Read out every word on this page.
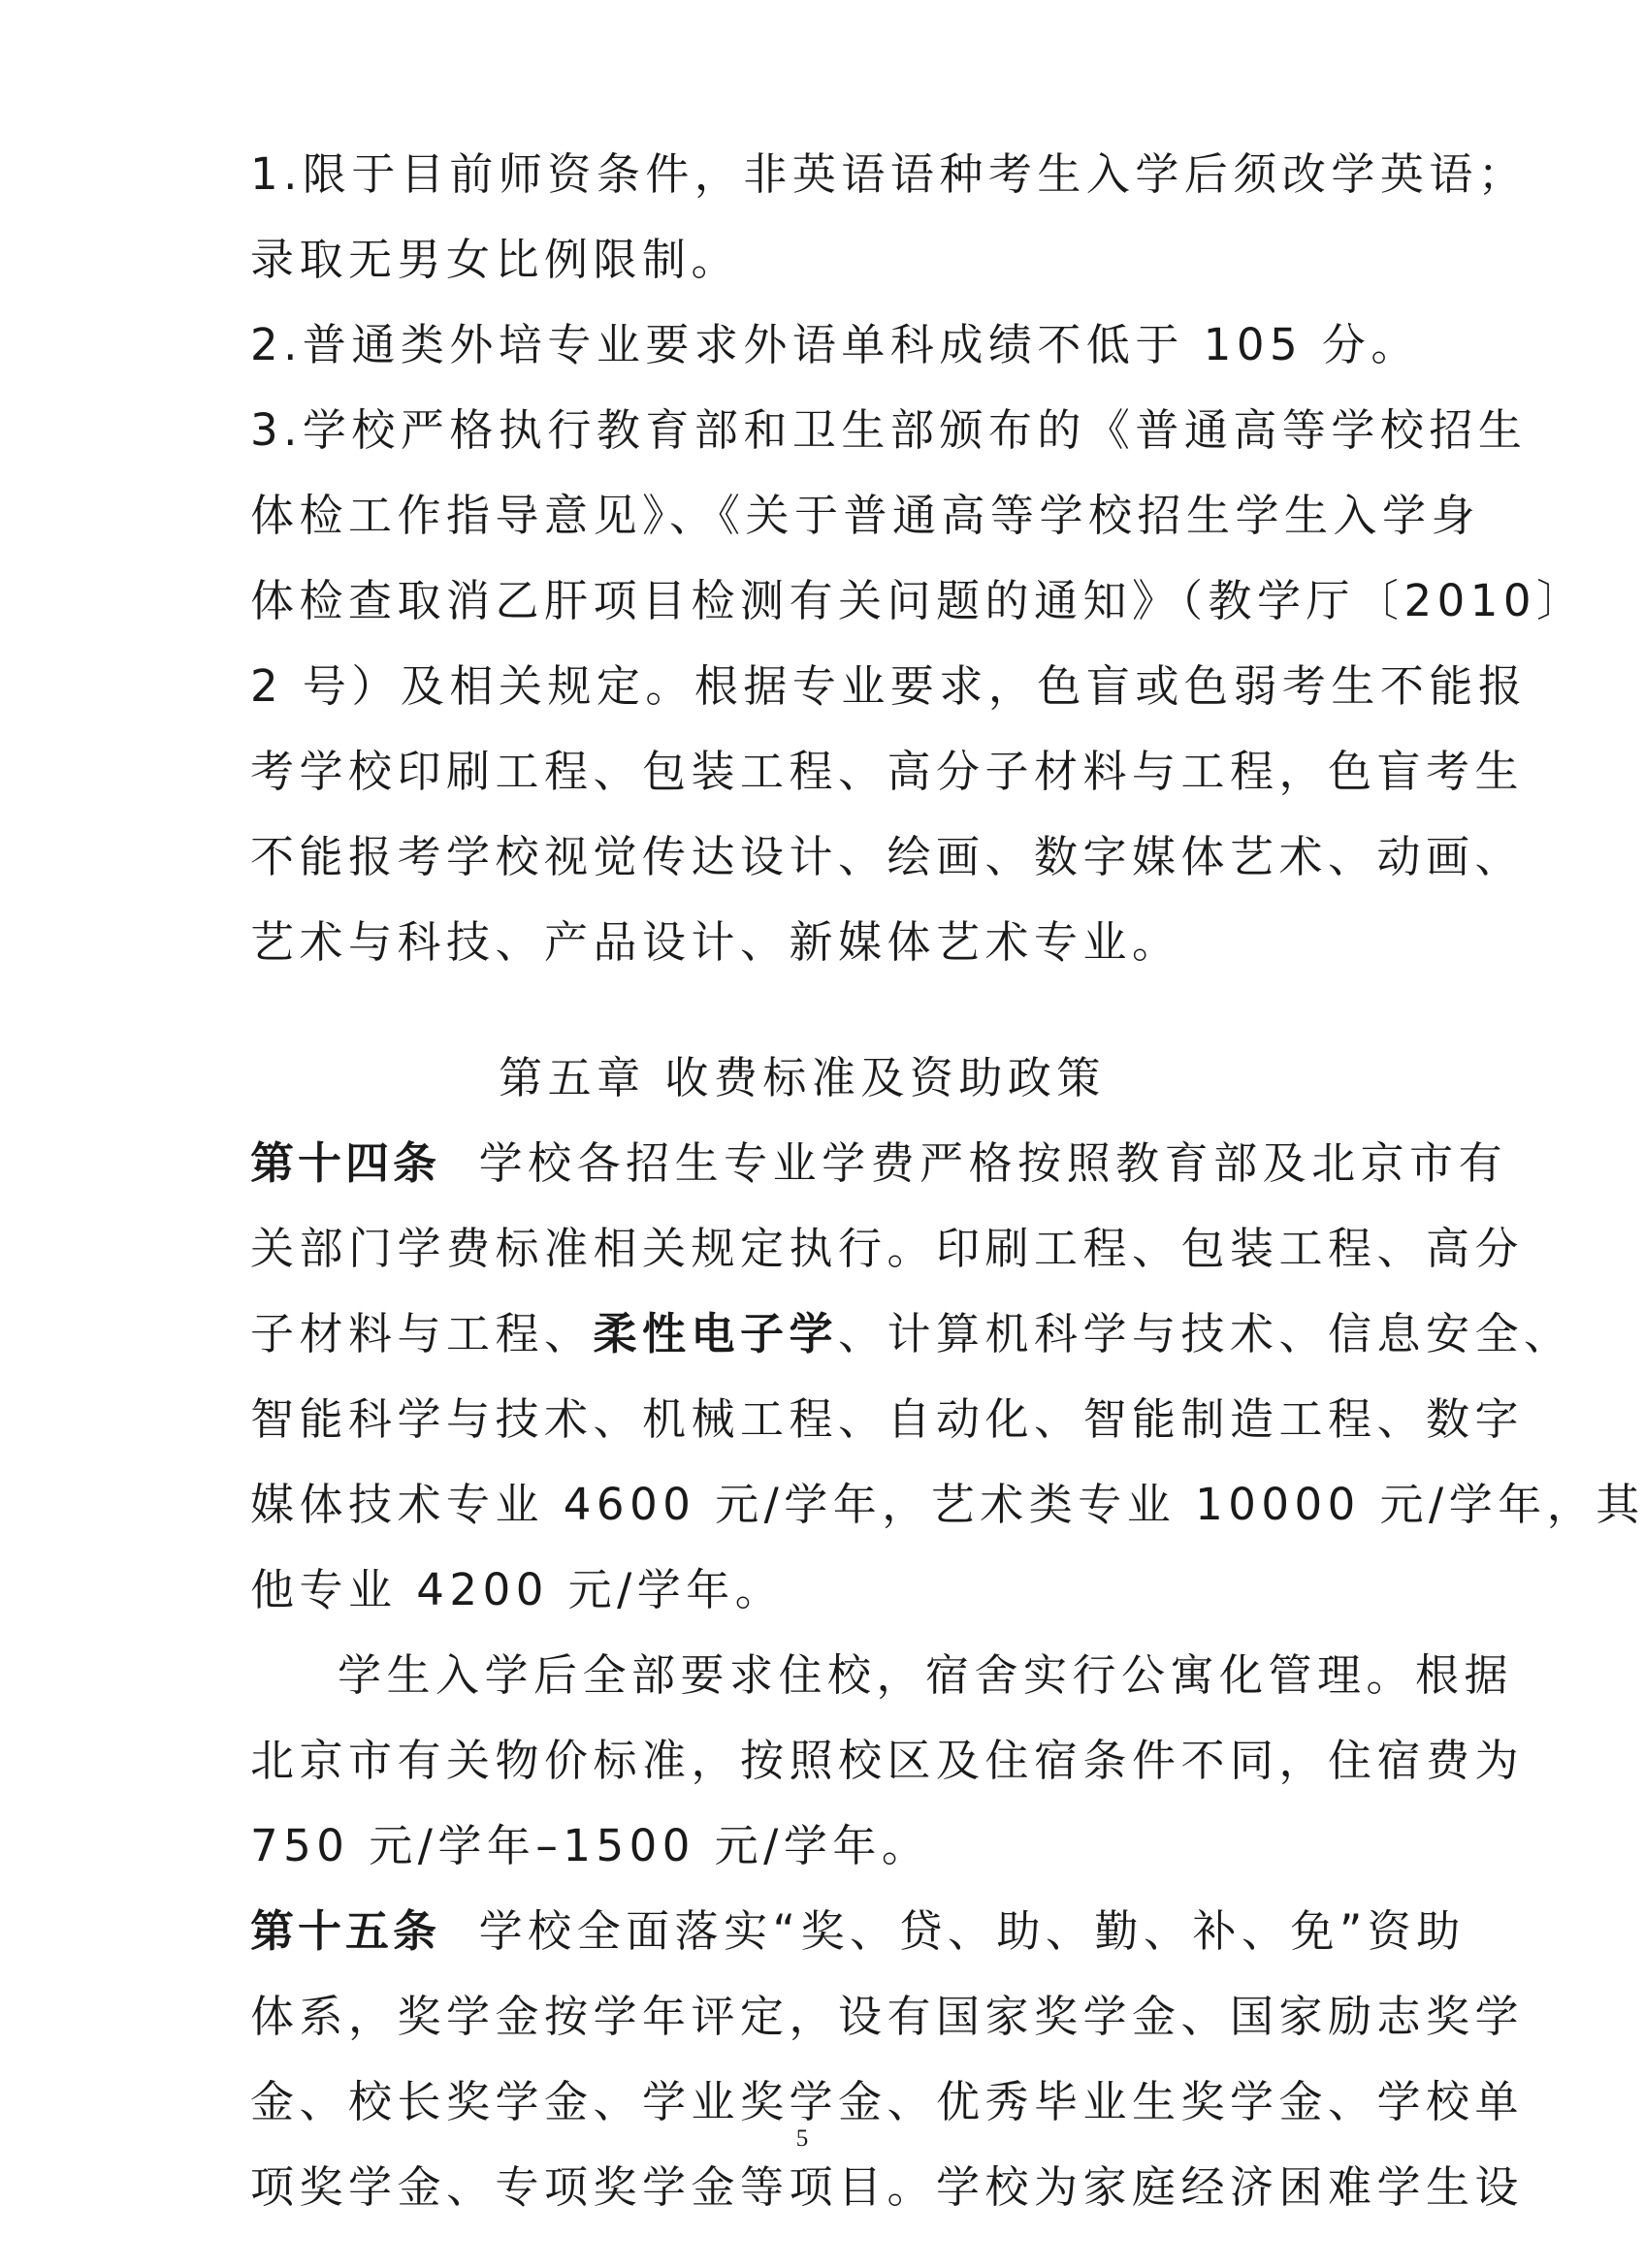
1.限于目前师资条件，非英语语种考生入学后须改学英语；
录取无男女比例限制。
2.普通类外培专业要求外语单科成绩不低于 105 分。
3.学校严格执行教育部和卫生部颁布的《普通高等学校招生
体检工作指导意见》、《关于普通高等学校招生学生入学身
体检查取消乙肝项目检测有关问题的通知》（教学厅〔2010〕
2 号）及相关规定。根据专业要求，色盲或色弱考生不能报
考学校印刷工程、包装工程、高分子材料与工程，色盲考生
不能报考学校视觉传达设计、绘画、数字媒体艺术、动画、
艺术与科技、产品设计、新媒体艺术专业。
第五章 收费标准及资助政策
第十四条 学校各招生专业学费严格按照教育部及北京市有
关部门学费标准相关规定执行。印刷工程、包装工程、高分
子材料与工程、柔性电子学、计算机科学与技术、信息安全、
智能科学与技术、机械工程、自动化、智能制造工程、数字
媒体技术专业 4600 元/学年，艺术类专业 10000 元/学年，其
他专业 4200 元/学年。
学生入学后全部要求住校，宿舍实行公寓化管理。根据
北京市有关物价标准，按照校区及住宿条件不同，住宿费为
750 元/学年–1500 元/学年。
第十五条 学校全面落实“奖、贷、助、勤、补、免”资助
体系，奖学金按学年评定，设有国家奖学金、国家励志奖学
金、校长奖学金、学业奖学金、优秀毕业生奖学金、学校单
项奖学金、专项奖学金等项目。学校为家庭经济困难学生设
5
